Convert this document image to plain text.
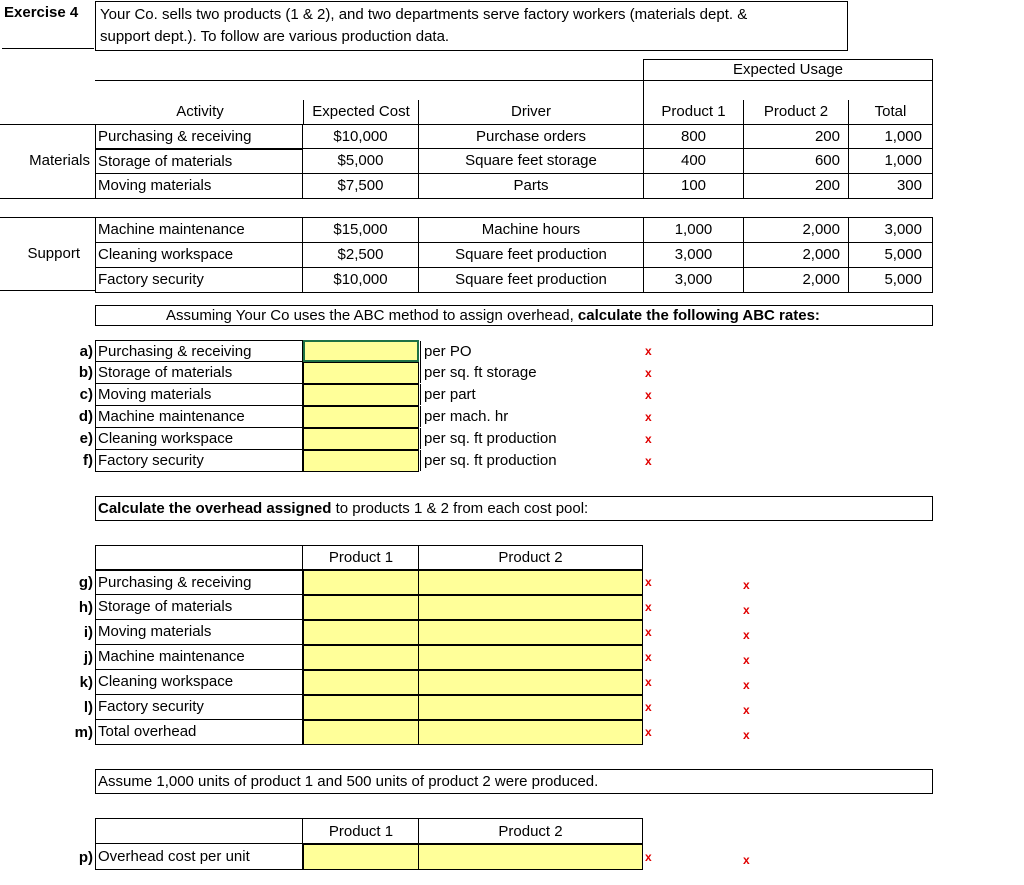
Exercise 4	Your Co. sells two products (1 & 2), and two departments serve factory workers (materials dept. &
support dept.). To follow are various production data.
Expected Usage
Activity	Expected Cost	Driver	Product 1	Product 2	Total
Materials
Purchasing & receiving	$10,000	Purchase orders	800	200	1,000
Storage of materials	$5,000	Square feet storage	400	600	1,000
Moving materials	$7,500	Parts	100	200	300
Support
Machine maintenance	$15,000	Machine hours	1,000	2,000	3,000
Cleaning workspace	$2,500	Square feet production	3,000	2,000	5,000
Factory security	$10,000	Square feet production	3,000	2,000	5,000
Assuming Your Co uses the ABC method to assign overhead, calculate the following ABC rates:
a) Purchasing & receiving	per PO	x
b) Storage of materials	per sq. ft storage	x
c) Moving materials	per part	x
d) Machine maintenance	per mach. hr	x
e) Cleaning workspace	per sq. ft production	x
f) Factory security	per sq. ft production	x
Calculate the overhead assigned to products 1 & 2 from each cost pool:
Product 1	Product 2
g) Purchasing & receiving	x	x
h) Storage of materials	x	x
i) Moving materials	x	x
j) Machine maintenance	x	x
k) Cleaning workspace	x	x
l) Factory security	x	x
m) Total overhead	x	x
Assume 1,000 units of product 1 and 500 units of product 2 were produced.
Product 1	Product 2
p) Overhead cost per unit	x	x
